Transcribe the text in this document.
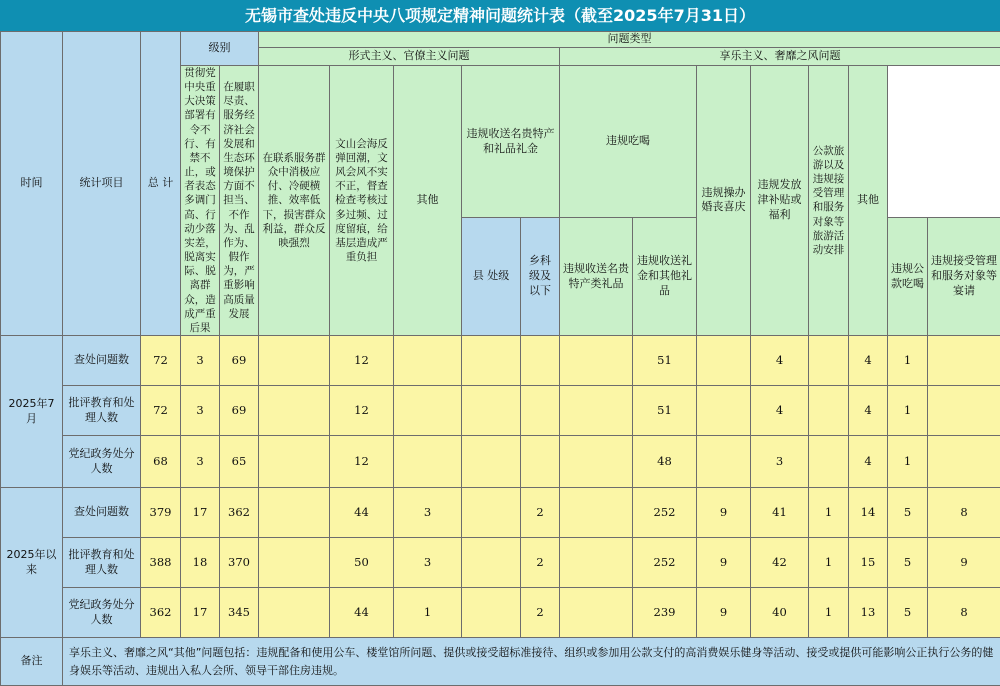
无锡市查处违反中央八项规定精神问题统计表（截至2025年7月31日）
时间	统计项目	总 计	级别		问题类型												
					形式主义、官僚主义问题					享乐主义、奢靡之风问题							
			贯彻党中央重大决策部署有令不行、有禁不止，或者表态多调门高、行动少落实差，脱离实际、脱离群众，造成严重后果	在履职尽责、服务经济社会发展和生态环境保护方面不担当、不作为、乱作为、假作为，严重影响高质量发展	在联系服务群众中消极应付、冷硬横推、效率低下，损害群众利益，群众反映强烈	文山会海反弹回潮，文风会风不实不正，督查检查考核过多过频、过度留痕，给基层造成严重负担	其他	违规收送名贵特产和礼品礼金		违规吃喝		违规操办婚丧喜庆	违规发放津补贴或福利	公款旅游以及违规接受管理和服务对象等旅游活动安排	其他		
								县 处级	乡科级及以下	违规收送名贵特产类礼品	违规收送礼金和其他礼品					违规公款吃喝	违规接受管理和服务对象等宴请
2025年7月	查处问题数	72	3	69		12					51		4		4	1	
	批评教育和处理人数	72	3	69		12					51		4		4	1	
	党纪政务处分人数	68	3	65		12					48		3		4	1	
2025年以来	查处问题数	379	17	362		44	3		2		252	9	41	1	14	5	8
	批评教育和处理人数	388	18	370		50	3		2		252	9	42	1	15	5	9
	党纪政务处分人数	362	17	345		44	1		2		239	9	40	1	13	5	8
备注	享乐主义、奢靡之风“其他”问题包括：违规配备和使用公车、楼堂馆所问题、提供或接受超标准接待、组织或参加用公款支付的高消费娱乐健身等活动、接受或提供可能影响公正执行公务的健身娱乐等活动、违规出入私人会所、领导干部住房违规。																
